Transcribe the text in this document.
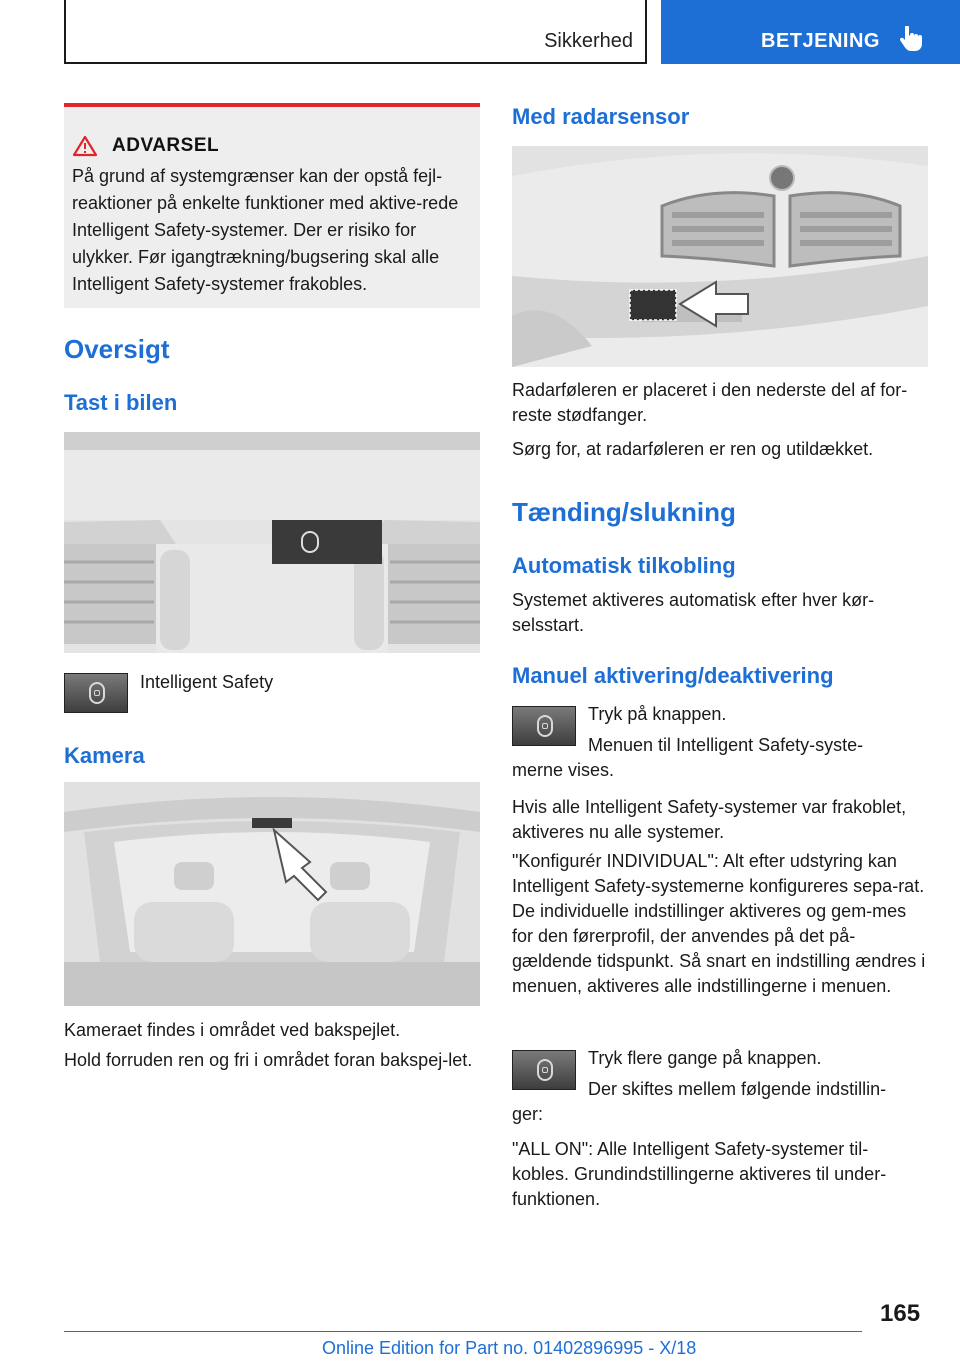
Sikkerhed	BETJENING
ADVARSEL
På grund af systemgrænser kan der opstå fejl-reaktioner på enkelte funktioner med aktive-rede Intelligent Safety-systemer. Der er risiko for ulykker. Før igangtrækning/bugsering skal alle Intelligent Safety-systemer frakobles.
Oversigt
Tast i bilen
Intelligent Safety
Kamera

Kameraet findes i området ved bakspejlet.

Hold forruden ren og fri i området foran bakspej-let.

Med radarsensor

Radarføleren er placeret i den nederste del af for-reste stødfanger.

Sørg for, at radarføleren er ren og utildækket.

Tænding/slukning
Automatisk tilkobling

Systemet aktiveres automatisk efter hver kør-selsstart.

Manuel aktivering/deaktivering

Tryk på knappen.

Menuen til Intelligent Safety-syste-merne vises.

Hvis alle Intelligent Safety-systemer var frakoblet, aktiveres nu alle systemer.

"Konfigurér INDIVIDUAL": Alt efter udstyring kan Intelligent Safety-systemerne konfigureres sepa-rat. De individuelle indstillinger aktiveres og gem-mes for den førerprofil, der anvendes på det på-gældende tidspunkt. Så snart en indstilling ændres i menuen, aktiveres alle indstillingerne i menuen.

Tryk flere gange på knappen.

Der skiftes mellem følgende indstillin-ger:

"ALL ON": Alle Intelligent Safety-systemer til-kobles. Grundindstillingerne aktiveres til under-funktionen.

165
Online Edition for Part no. 01402896995 - X/18
